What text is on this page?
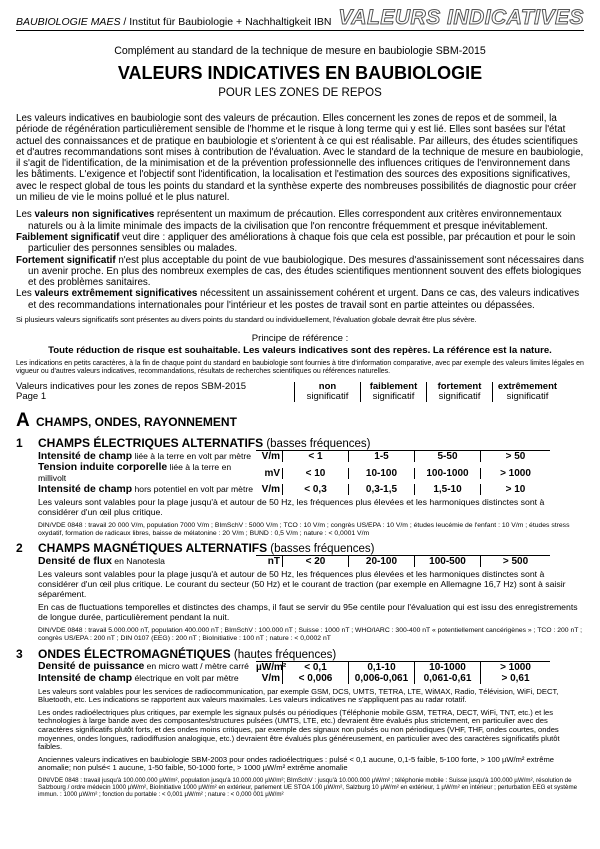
BAUBIOLOGIE MAES / Institut für Baubiologie + Nachhaltigkeit IBN VALEURS INDICATIVES
Complément au standard de la technique de mesure en baubiologie SBM-2015
VALEURS INDICATIVES EN BAUBIOLOGIE
POUR LES ZONES DE REPOS

Les valeurs indicatives en baubiologie sont des valeurs de précaution. Elles concernent les zones de repos et de sommeil, la période de régénération particulièrement sensible de l'homme et le risque à long terme qui y est lié. Elles sont basées sur l'état actuel des connaissances et de pratique en baubiologie et s'orientent à ce qui est réalisable. Par ailleurs, des études scientifiques et d'autres recommandations sont mises à contribution de l'évaluation. Avec le standard de la technique de mesure en baubiologie, il s'agit de l'identification, de la minimisation et de la prévention professionnelle des influences critiques de l'environnement dans les bâtiments. L'exigence et l'objectif sont l'identification, la localisation et l'estimation des sources des expositions significatives, avec le respect global de tous les points du standard et la synthèse experte des nombreuses possibilités de diagnostic pour créer un milieu de vie le moins pollué et le plus naturel.

Les valeurs non significatives représentent un maximum de précaution. Elles correspondent aux critères environnementaux naturels ou à la limite minimale des impacts de la civilisation que l'on rencontre fréquemment et presque inévitablement.

Faiblement significatif veut dire : appliquer des améliorations à chaque fois que cela est possible, par précaution et pour le soin particulier des personnes sensibles ou malades.

Fortement significatif n'est plus acceptable du point de vue baubiologique. Des mesures d'assainissement sont nécessaires dans un avenir proche. En plus des nombreux exemples de cas, des études scientifiques mentionnent souvent des effets biologiques et des problèmes sanitaires.

Les valeurs extrêmement significatives nécessitent un assainissement cohérent et urgent. Dans ce cas, des valeurs indicatives et des recommandations internationales pour l'intérieur et les postes de travail sont en partie atteintes ou dépassées.

Si plusieurs valeurs significatifs sont présentes au divers points du standard ou individuellement, l'évaluation globale devrait être plus sévère.

Principe de référence :
Toute réduction de risque est souhaitable. Les valeurs indicatives sont des repères. La référence est la nature.

Les indications en petits caractères, à la fin de chaque point du standard en baubiologie sont fournies à titre d'information comparative, avec par exemple des valeurs limites légales en vigueur ou d'autres valeurs indicatives, recommandations, résultats de recherches scientifiques ou références naturelles.

Valeurs indicatives pour les zones de repos SBM-2015
Page 1
non
significatif
faiblement
significatif
fortement
significatif
extrêmement
significatif
A CHAMPS, ONDES, RAYONNEMENT
1	CHAMPS ÉLECTRIQUES ALTERNATIFS (basses fréquences)
Intensité de champ liée à la terre en volt par mètre	V/m	< 1	1-5	5-50	> 50
Tension induite corporelle liée à la terre en millivolt	mV	< 10	10-100	100-1000	> 1000
Intensité de champ hors potentiel en volt par mètre V/m	< 0,3	0,3-1,5	1,5-10	> 10

Les valeurs sont valables pour la plage jusqu'à et autour de 50 Hz, les fréquences plus élevées et les harmoniques distinctes sont à considérer d'un œil plus critique.

DIN/VDE 0848 : travail 20 000 V/m, population 7000 V/m ; BImSchV : 5000 V/m ; TCO : 10 V/m ; congrès US/EPA : 10 V/m ; études leucémie de l'enfant : 10 V/m ; études stress oxydatif, formation de radicaux libres, baisse de mélatonine : 20 V/m ; BUND : 0,5 V/m ; nature : < 0,0001 V/m

2	CHAMPS MAGNÉTIQUES ALTERNATIFS (basses fréquences)
Densité de flux en Nanotesla	nT	< 20	20-100	100-500	> 500

Les valeurs sont valables pour la plage jusqu'à et autour de 50 Hz, les fréquences plus élevées et les harmoniques distinctes sont à considérer d'un œil plus critique. Le courant du secteur (50 Hz) et le courant de traction (par exemple en Allemagne 16,7 Hz) sont à saisir séparément.

En cas de fluctuations temporelles et distinctes des champs, il faut se servir du 95e centile pour l'évaluation qui est issu des enregistrements de longue durée, particulièrement pendant la nuit.

DIN/VDE 0848 : travail 5.000.000 nT, population 400.000 nT ; BImSchV : 100.000 nT ; Suisse : 1000 nT ; WHO/IARC : 300-400 nT « potentiellement cancérigènes » ; TCO : 200 nT ; congrès US/EPA : 200 nT ; DIN 0107 (EEG) : 200 nT ; BioInitiative : 100 nT ; nature : < 0,0002 nT

3	ONDES ÉLECTROMAGNÉTIQUES (hautes fréquences)
Densité de puissance en micro watt / mètre carré µW/m²	< 0,1	0,1-10	10-1000	> 1000
Intensité de champ électrique en volt par mètre	V/m	< 0,006	0,006-0,061	0,061-0,61	> 0,61

Les valeurs sont valables pour les services de radiocommunication, par exemple GSM, DCS, UMTS, TETRA, LTE, WiMAX, Radio, Télévision, WiFi, DECT, Bluetooth, etc. Les indications se rapportent aux valeurs maximales. Les valeurs indicatives ne s'appliquent pas au radar rotatif.

Les ondes radioélectriques plus critiques, par exemple les signaux pulsés ou périodiques (Téléphonie mobile GSM, TETRA, DECT, WiFi, TNT, etc.) et les technologies à large bande avec des composantes/structures pulsées (UMTS, LTE, etc.) devraient être évalués plus strictement, en particulier avec des caractères significatifs plutôt forts, et des ondes moins critiques, par exemple des signaux non pulsés ou non périodiques (VHF, THF, ondes courtes, ondes moyennes, ondes longues, radiodiffusion analogique, etc.) devraient être évalués plus généreusement, en particulier avec des caractères significatifs plutôt faibles.

Anciennes valeurs indicatives en baubiologie SBM-2003 pour ondes radioélectriques : pulsé < 0,1 aucune, 0,1-5 faible, 5-100 forte, > 100 µW/m² extrême anomalie; non pulsé< 1 aucune, 1-50 faible, 50-1000 forte, > 1000 µW/m² extrême anomalie

DIN/VDE 0848 : travail jusqu'à 100.000.000 µW/m², population jusqu'à 10.000.000 µW/m²; BImSchV : jusqu'à 10.000.000 µW/m² ; téléphonie mobile : Suisse jusqu'à 100.000 µW/m², résolution de Salzbourg / ordre médecin 1000 µW/m², BioInitiative 1000 µW/m² en extérieur, parlement UE STOA 100 µW/m², Salzburg 10 µW/m² en extérieur, 1 µW/m² en intérieur ; perturbation EEG et système immun. : 1000 µW/m² ; fonction du portable : < 0,001 µW/m² ; nature : < 0,000 001 µW/m²
